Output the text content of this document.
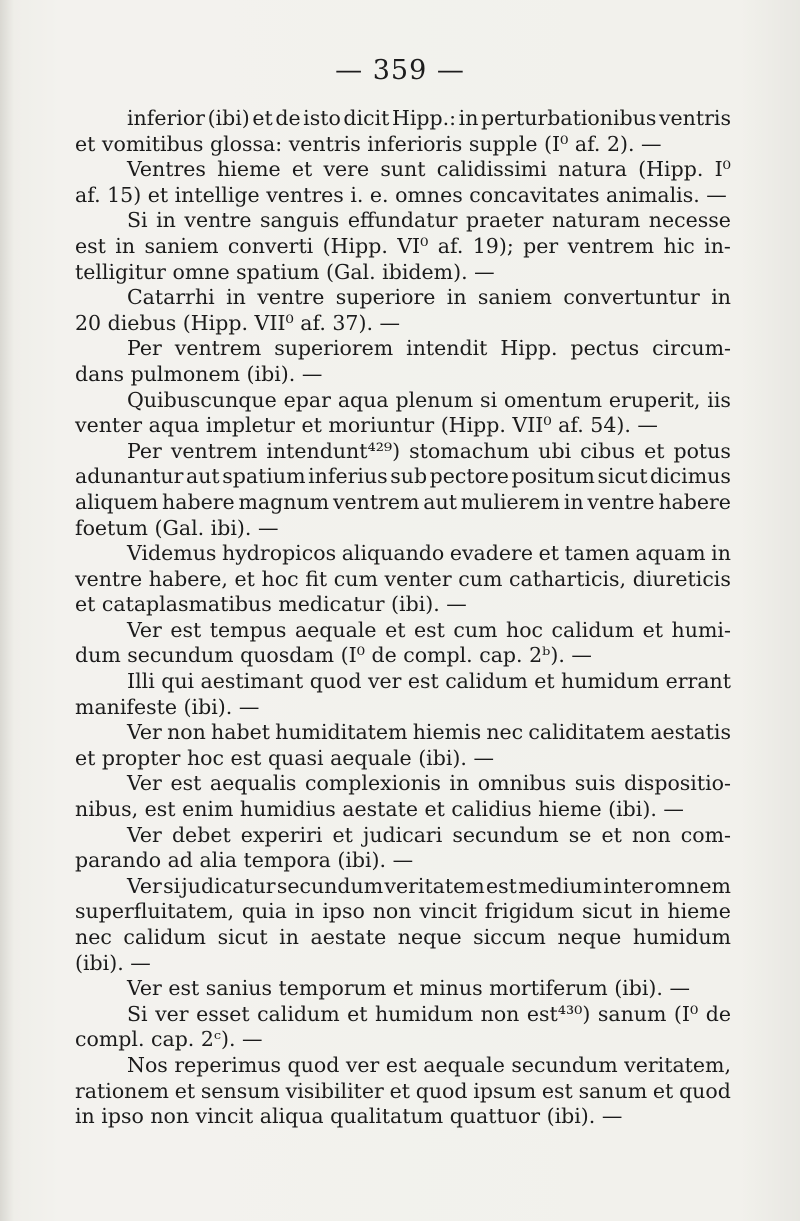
— 359 —
inferior (ibi) et de isto dicit Hipp.: in perturbationibus ventris
et vomitibus glossa: ventris inferioris supple (I⁰ af. 2). —
Ventres hieme et vere sunt calidissimi natura (Hipp. I⁰
af. 15) et intellige ventres i. e. omnes concavitates animalis. —
Si in ventre sanguis effundatur praeter naturam necesse
est in saniem converti (Hipp. VI⁰ af. 19); per ventrem hic in-
telligitur omne spatium (Gal. ibidem). —
Catarrhi in ventre superiore in saniem convertuntur in
20 diebus (Hipp. VII⁰ af. 37). —
Per ventrem superiorem intendit Hipp. pectus circum-
dans pulmonem (ibi). —
Quibuscunque epar aqua plenum si omentum eruperit, iis
venter aqua impletur et moriuntur (Hipp. VII⁰ af. 54). —
Per ventrem intendunt⁴²⁹) stomachum ubi cibus et potus
adunantur aut spatium inferius sub pectore positum sicut dicimus
aliquem habere magnum ventrem aut mulierem in ventre habere
foetum (Gal. ibi). —
Videmus hydropicos aliquando evadere et tamen aquam in
ventre habere, et hoc fit cum venter cum catharticis, diureticis
et cataplasmatibus medicatur (ibi). —
Ver est tempus aequale et est cum hoc calidum et humi-
dum secundum quosdam (I⁰ de compl. cap. 2ᵇ). —
Illi qui aestimant quod ver est calidum et humidum errant
manifeste (ibi). —
Ver non habet humiditatem hiemis nec caliditatem aestatis
et propter hoc est quasi aequale (ibi). —
Ver est aequalis complexionis in omnibus suis dispositio-
nibus, est enim humidius aestate et calidius hieme (ibi). —
Ver debet experiri et judicari secundum se et non com-
parando ad alia tempora (ibi). —
Ver si judicatur secundum veritatem est medium inter omnem
superfluitatem, quia in ipso non vincit frigidum sicut in hieme
nec calidum sicut in aestate neque siccum neque humidum
(ibi). —
Ver est sanius temporum et minus mortiferum (ibi). —
Si ver esset calidum et humidum non est⁴³⁰) sanum (I⁰ de
compl. cap. 2ᶜ). —
Nos reperimus quod ver est aequale secundum veritatem,
rationem et sensum visibiliter et quod ipsum est sanum et quod
in ipso non vincit aliqua qualitatum quattuor (ibi). —
